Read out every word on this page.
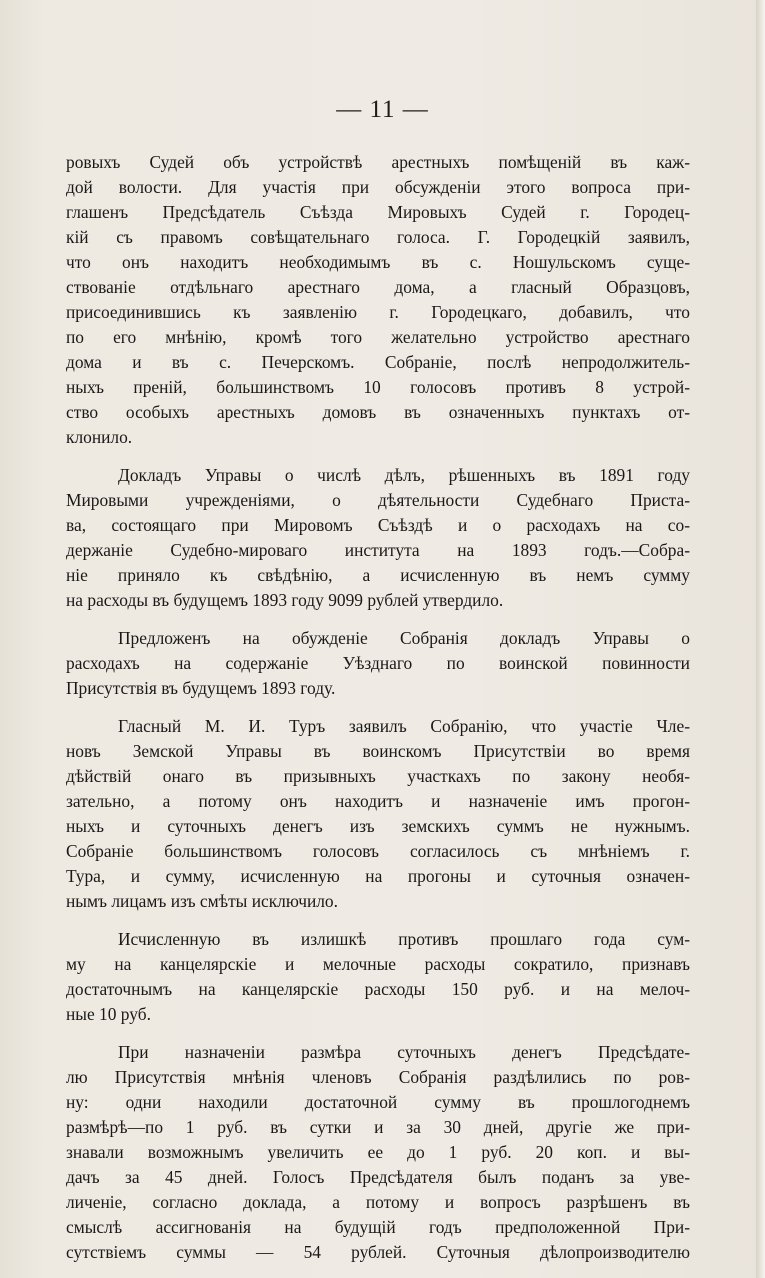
— 11 —
ровыхъ Судей объ устройствѣ арестныхъ помѣщеній въ каж-
дой волости. Для участія при обсужденіи этого вопроса при-
глашенъ Предсѣдатель Съѣзда Мировыхъ Судей г. Городец-
кій съ правомъ совѣщательнаго голоса. Г. Городецкій заявилъ,
что онъ находитъ необходимымъ въ с. Ношульскомъ суще-
ствованіе отдѣльнаго арестнаго дома, а гласный Образцовъ,
присоединившись къ заявленію г. Городецкаго, добавилъ, что
по его мнѣнію, кромѣ того желательно устройство арестнаго
дома и въ с. Печерскомъ. Собраніе, послѣ непродолжитель-
ныхъ преній, большинствомъ 10 голосовъ противъ 8 устрой-
ство особыхъ арестныхъ домовъ въ означенныхъ пунктахъ от-
клонило.
Докладъ Управы о числѣ дѣлъ, рѣшенныхъ въ 1891 году
Мировыми учрежденіями, о дѣятельности Судебнаго Приста-
ва, состоящаго при Мировомъ Съѣздѣ и о расходахъ на со-
держаніе Судебно-мироваго института на 1893 годъ.—Собра-
ніе приняло къ свѣдѣнію, а исчисленную въ немъ сумму
на расходы въ будущемъ 1893 году 9099 рублей утвердило.
Предложенъ на обужденіе Собранія докладъ Управы о
расходахъ на содержаніе Уѣзднаго по воинской повинности
Присутствія въ будущемъ 1893 году.
Гласный М. И. Туръ заявилъ Собранію, что участіе Чле-
новъ Земской Управы въ воинскомъ Присутствіи во время
дѣйствій онаго въ призывныхъ участкахъ по закону необя-
зательно, а потому онъ находитъ и назначеніе имъ прогон-
ныхъ и суточныхъ денегъ изъ земскихъ суммъ не нужнымъ.
Собраніе большинствомъ голосовъ согласилось съ мнѣніемъ г.
Тура, и сумму, исчисленную на прогоны и суточныя означен-
нымъ лицамъ изъ смѣты исключило.
Исчисленную въ излишкѣ противъ прошлаго года сум-
му на канцелярскіе и мелочные расходы сократило, признавъ
достаточнымъ на канцелярскіе расходы 150 руб. и на мелоч-
ные 10 руб.
При назначеніи размѣра суточныхъ денегъ Предсѣдате-
лю Присутствія мнѣнія членовъ Собранія раздѣлились по ров-
ну: одни находили достаточной сумму въ прошлогоднемъ
размѣрѣ—по 1 руб. въ сутки и за 30 дней, другіе же при-
знавали возможнымъ увеличить ее до 1 руб. 20 коп. и вы-
дачъ за 45 дней. Голосъ Предсѣдателя былъ поданъ за уве-
личеніе, согласно доклада, а потому и вопросъ разрѣшенъ въ
смыслѣ ассигнованія на будущій годъ предположенной При-
сутствіемъ суммы — 54 рублей. Суточныя дѣлопроизводителю
